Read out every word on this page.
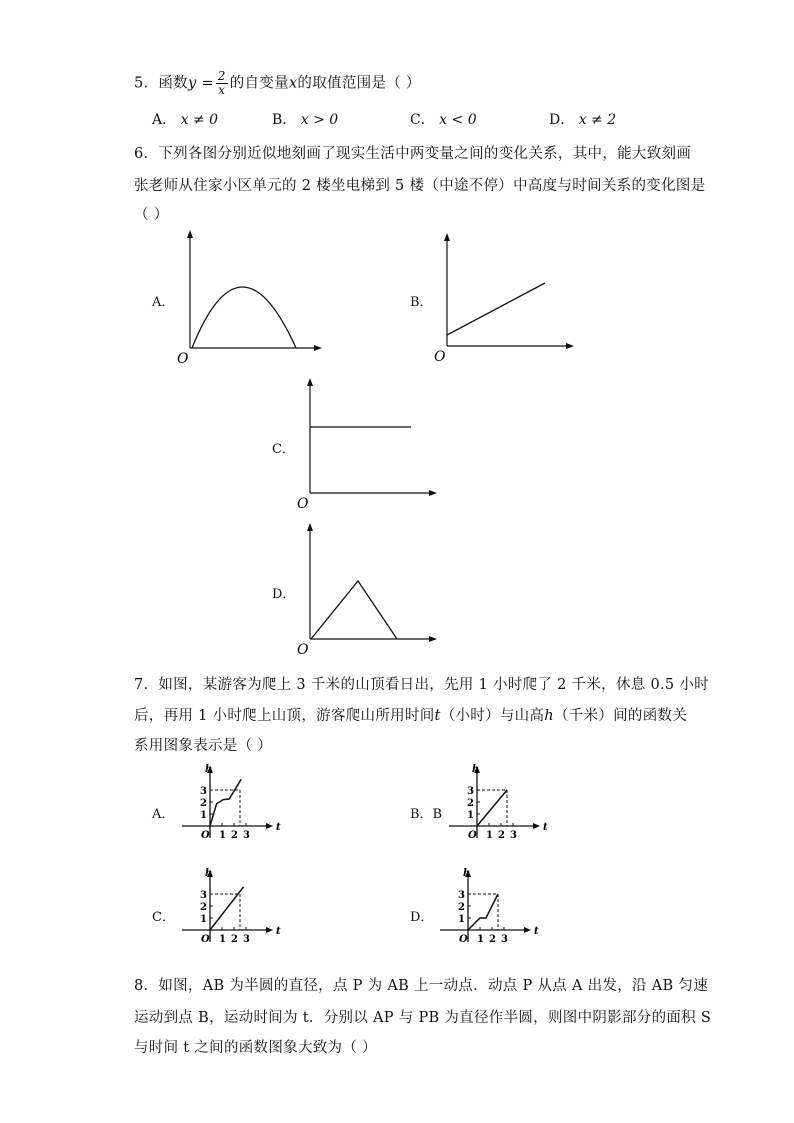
5．函数$y = \frac{2}{x}$ 的自变量x的取值范围是（ ）
A． x ≠ 0	B． x > 0	C． x < 0	D． x ≠ 2
6．下列各图分别近似地刻画了现实生活中两变量之间的变化关系，其中，能大致刻画
张老师从住家小区单元的 2 楼坐电梯到 5 楼（中途不停）中高度与时间关系的变化图是
（ ）
A．
O
B．
O
C．
O
D．
O
7．如图，某游客为爬上 3 千米的山顶看日出，先用 1 小时爬了 2 千米，休息 0.5 小时
后，再用 1 小时爬上山顶，游客爬山所用时间t（小时）与山高h（千米）间的函数关
系用图象表示是（ ）
A．	1
2
3
1 2 3
O
h
t
B．B 1
2
3
1 2 3
O
h
t
C．	1
2
3
1 2 3
O
h
t
D． 1
2
3
1 2 3
O
h
t
8．如图，AB 为半圆的直径，点 P 为 AB 上一动点．动点 P 从点 A 出发，沿 AB 匀速
运动到点 B，运动时间为 t．分别以 AP 与 PB 为直径作半圆，则图中阴影部分的面积 S
与时间 t 之间的函数图象大致为（ ）
